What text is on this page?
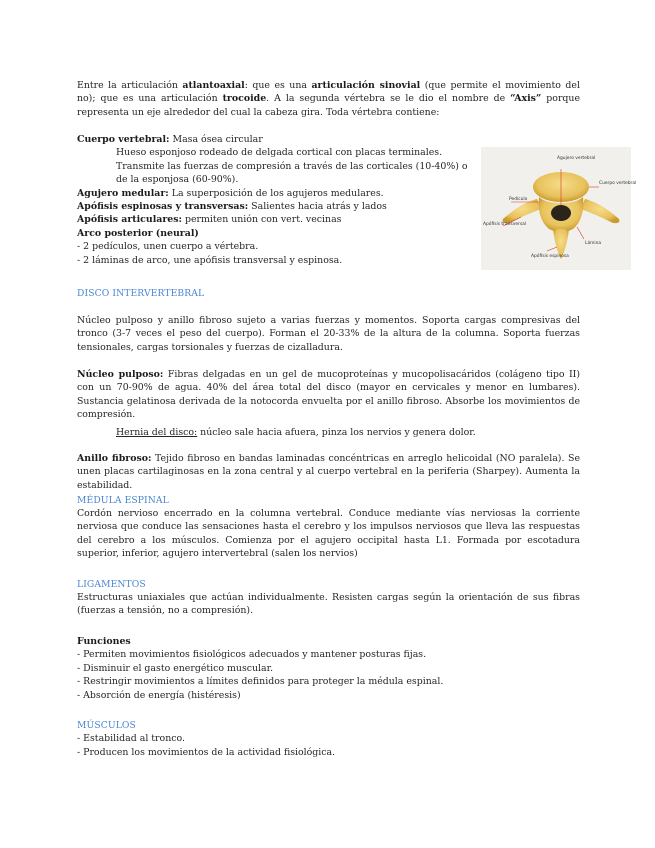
Entre la articulación atlantoaxial: que es una articulación sinovial (que permite el movimiento del no); que es una articulación trocoide. A la segunda vértebra se le dio el nombre de “Axis” porque representa un eje alrededor del cual la cabeza gira. Toda vértebra contiene:

Cuerpo vertebral: Masa ósea circular

Hueso esponjoso rodeado de delgada cortical con placas terminales.

Transmite las fuerzas de compresión a través de las corticales (10-40%) o de la esponjosa (60-90%).

Agujero medular: La superposición de los agujeros medulares.

Apófisis espinosas y transversas: Salientes hacia atrás y lados

Apófisis articulares: permiten unión con vert. vecinas

Arco posterior (neural)

- 2 pedículos, unen cuerpo a vértebra.

- 2 láminas de arco, une apófisis transversal y espinosa.

Agujero vertebral
Cuerpo vertebral
Pedículo
Apófisis transversal
Lámina
Apófisis espinosa

DISCO INTERVERTEBRAL

Núcleo pulposo y anillo fibroso sujeto a varias fuerzas y momentos. Soporta cargas compresivas del tronco (3-7 veces el peso del cuerpo). Forman el 20-33% de la altura de la columna. Soporta fuerzas tensionales, cargas torsionales y fuerzas de cizalladura.

Núcleo pulposo: Fibras delgadas en un gel de mucoproteínas y mucopolisacáridos (colágeno tipo II) con un 70-90% de agua. 40% del área total del disco (mayor en cervicales y menor en lumbares). Sustancia gelatinosa derivada de la notocorda envuelta por el anillo fibroso. Absorbe los movimientos de compresión.

Hernia del disco: núcleo sale hacia afuera, pinza los nervios y genera dolor.

Anillo fibroso: Tejido fibroso en bandas laminadas concéntricas en arreglo helicoidal (NO paralela). Se unen placas cartilaginosas en la zona central y al cuerpo vertebral en la periferia (Sharpey). Aumenta la estabilidad.

MÉDULA ESPINAL

Cordón nervioso encerrado en la columna vertebral. Conduce mediante vías nerviosas la corriente nerviosa que conduce las sensaciones hasta el cerebro y los impulsos nerviosos que lleva las respuestas del cerebro a los músculos. Comienza por el agujero occipital hasta L1. Formada por escotadura superior, inferior, agujero intervertebral (salen los nervios)

LIGAMENTOS

Estructuras uniaxiales que actúan individualmente. Resisten cargas según la orientación de sus fibras (fuerzas a tensión, no a compresión).

Funciones

- Permiten movimientos fisiológicos adecuados y mantener posturas fijas.

- Disminuir el gasto energético muscular.

- Restringir movimientos a límites definidos para proteger la médula espinal.

- Absorción de energía (histéresis)

MÚSCULOS

- Estabilidad al tronco.

- Producen los movimientos de la actividad fisiológica.
